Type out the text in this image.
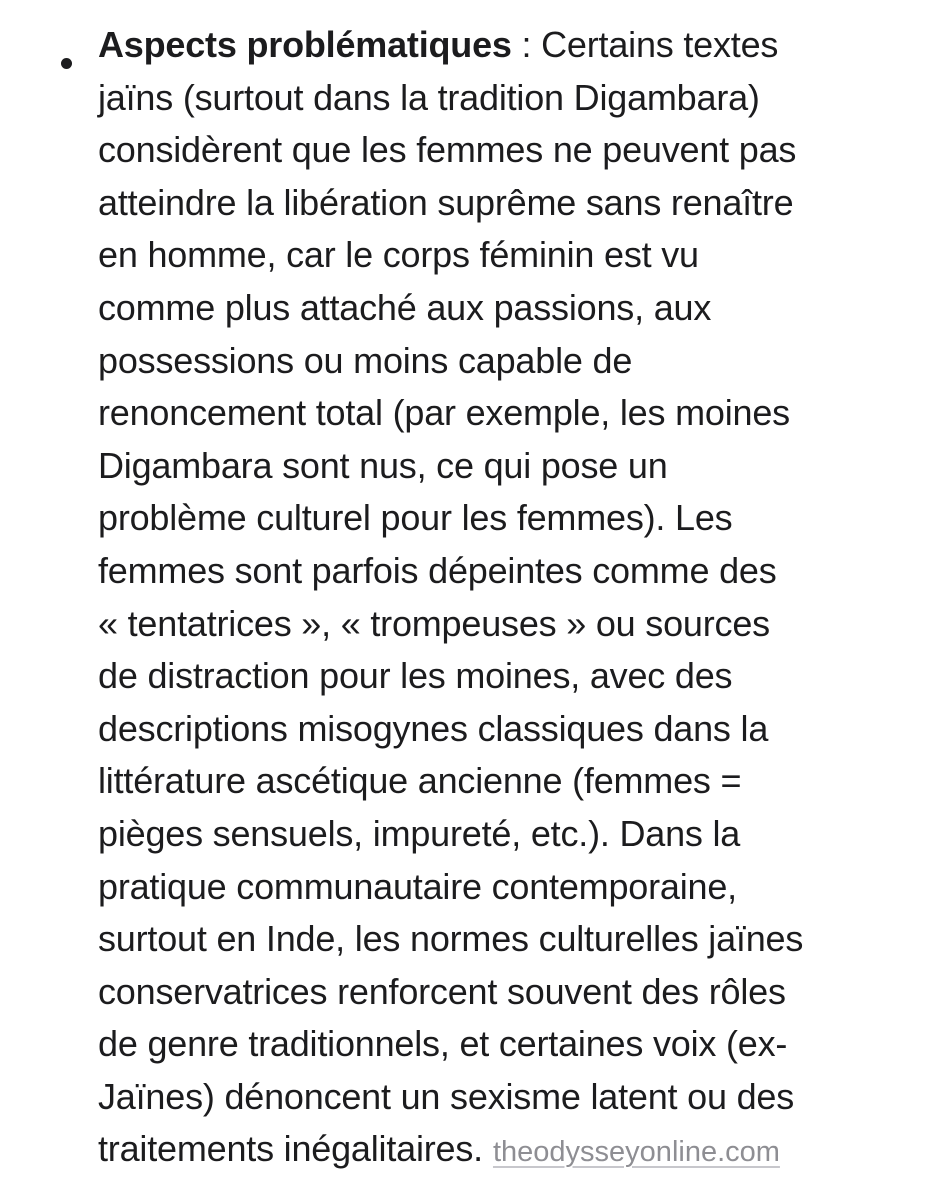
Aspects problématiques : Certains textes
jaïns (surtout dans la tradition Digambara)
considèrent que les femmes ne peuvent pas
atteindre la libération suprême sans renaître
en homme, car le corps féminin est vu
comme plus attaché aux passions, aux
possessions ou moins capable de
renoncement total (par exemple, les moines
Digambara sont nus, ce qui pose un
problème culturel pour les femmes). Les
femmes sont parfois dépeintes comme des
« tentatrices », « trompeuses » ou sources
de distraction pour les moines, avec des
descriptions misogynes classiques dans la
littérature ascétique ancienne (femmes =
pièges sensuels, impureté, etc.). Dans la
pratique communautaire contemporaine,
surtout en Inde, les normes culturelles jaïnes
conservatrices renforcent souvent des rôles
de genre traditionnels, et certaines voix (ex-
Jaïnes) dénoncent un sexisme latent ou des
traitements inégalitaires. theodysseyonline.com
